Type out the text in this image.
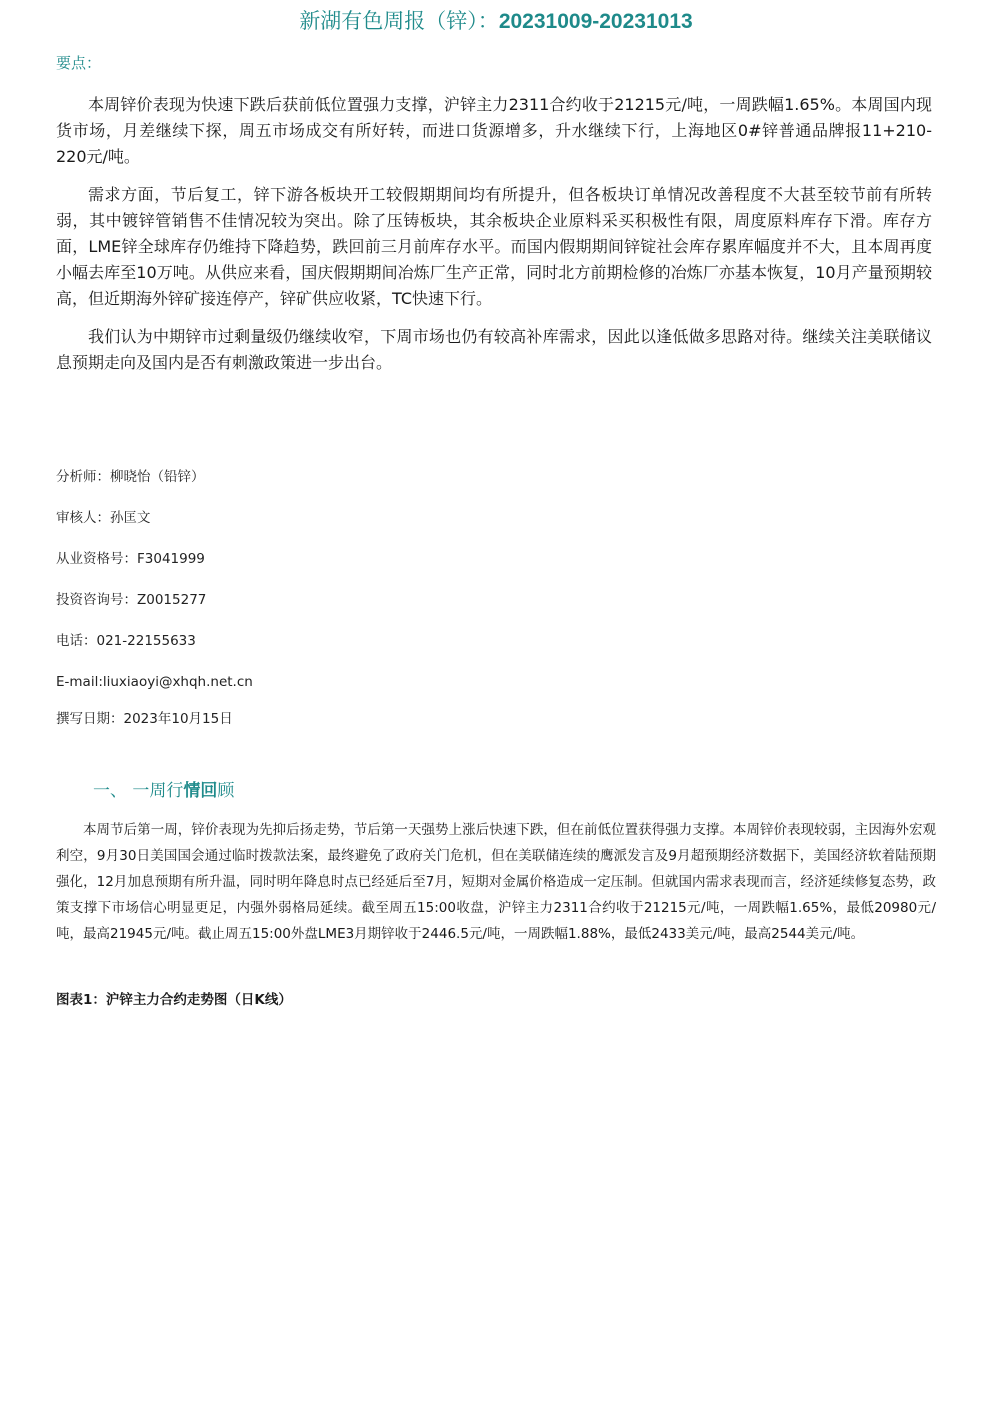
新湖有色周报（锌）：20231009-20231013
要点：

本周锌价表现为快速下跌后获前低位置强力支撑，沪锌主力2311合约收于21215元/吨，一周跌幅1.65%。本周国内现货市场，月差继续下探，周五市场成交有所好转，而进口货源增多，升水继续下行，上海地区0#锌普通品牌报11+210-220元/吨。

需求方面，节后复工，锌下游各板块开工较假期期间均有所提升，但各板块订单情况改善程度不大甚至较节前有所转弱，其中镀锌管销售不佳情况较为突出。除了压铸板块，其余板块企业原料采买积极性有限，周度原料库存下滑。库存方面，LME锌全球库存仍维持下降趋势，跌回前三月前库存水平。而国内假期期间锌锭社会库存累库幅度并不大，且本周再度小幅去库至10万吨。从供应来看，国庆假期期间冶炼厂生产正常，同时北方前期检修的冶炼厂亦基本恢复，10月产量预期较高，但近期海外锌矿接连停产，锌矿供应收紧，TC快速下行。

我们认为中期锌市过剩量级仍继续收窄，下周市场也仍有较高补库需求，因此以逢低做多思路对待。继续关注美联储议息预期走向及国内是否有刺激政策进一步出台。

分析师：柳晓怡（铅锌）
审核人：孙匡文
从业资格号：F3041999
投资咨询号：Z0015277
电话：021-22155633
E-mail:liuxiaoyi@xhqh.net.cn
撰写日期：2023年10月15日
一、 一周行情回顾

本周节后第一周，锌价表现为先抑后扬走势，节后第一天强势上涨后快速下跌，但在前低位置获得强力支撑。本周锌价表现较弱，主因海外宏观利空，9月30日美国国会通过临时拨款法案，最终避免了政府关门危机，但在美联储连续的鹰派发言及9月超预期经济数据下，美国经济软着陆预期强化，12月加息预期有所升温，同时明年降息时点已经延后至7月，短期对金属价格造成一定压制。但就国内需求表现而言，经济延续修复态势，政策支撑下市场信心明显更足，内强外弱格局延续。截至周五15:00收盘，沪锌主力2311合约收于21215元/吨，一周跌幅1.65%，最低20980元/吨，最高21945元/吨。截止周五15:00外盘LME3月期锌收于2446.5元/吨，一周跌幅1.88%，最低2433美元/吨，最高2544美元/吨。

图表1：沪锌主力合约走势图（日K线）
